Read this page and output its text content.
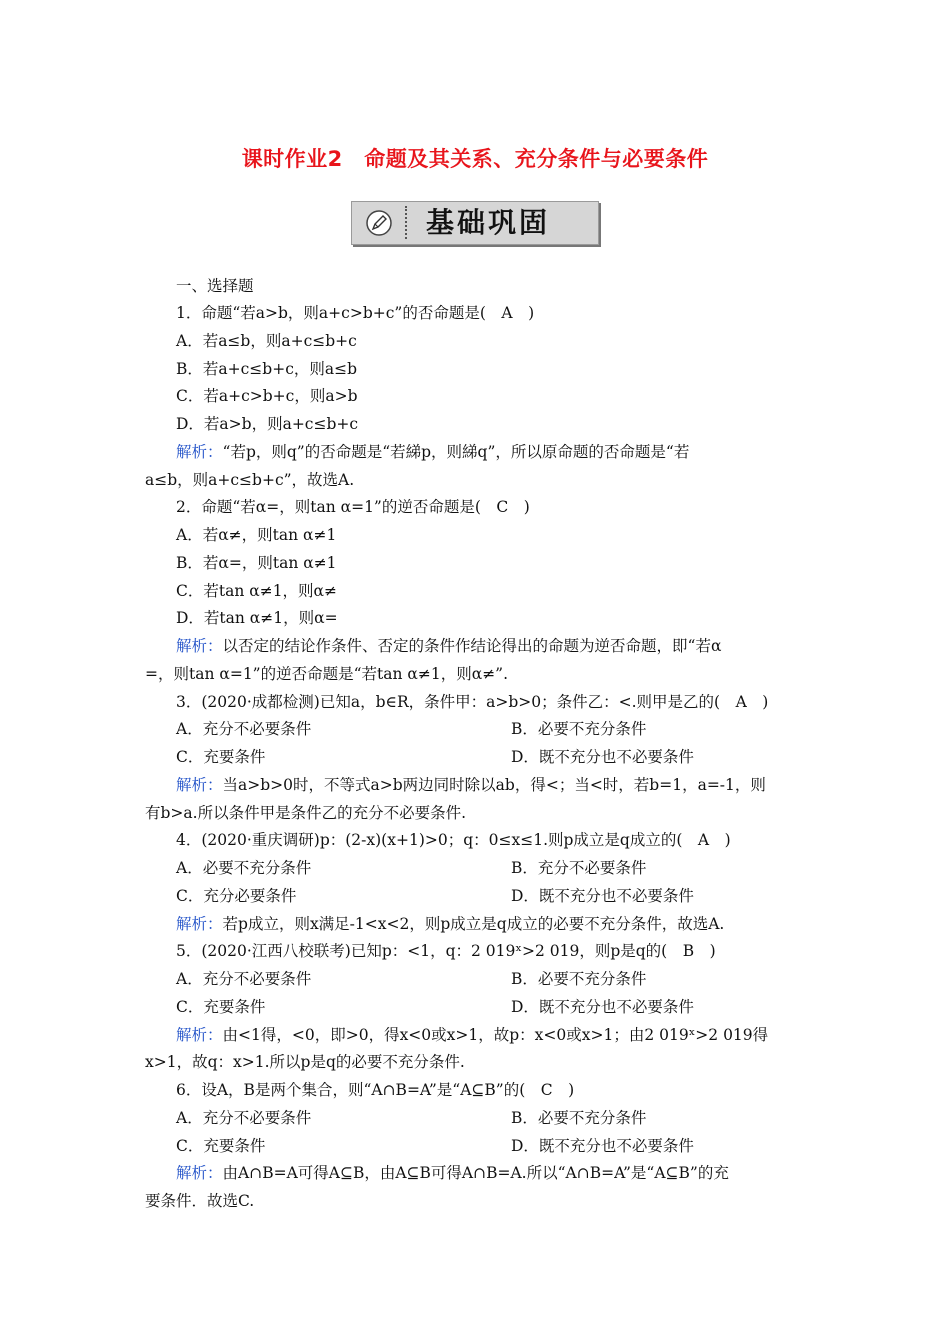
课时作业2　命题及其关系、充分条件与必要条件
基础巩固
一、选择题
1．命题“若a>b，则a+c>b+c”的否命题是(　A　)
A．若a≤b，则a+c≤b+c
B．若a+c≤b+c，则a≤b
C．若a+c>b+c，则a>b
D．若a>b，则a+c≤b+c
解析：“若p，则q”的否命题是“若綈p，则綈q”，所以原命题的否命题是“若
a≤b，则a+c≤b+c”，故选A.
2．命题“若α=，则tan α=1”的逆否命题是(　C　)
A．若α≠，则tan α≠1
B．若α=，则tan α≠1
C．若tan α≠1，则α≠
D．若tan α≠1，则α=
解析：以否定的结论作条件、否定的条件作结论得出的命题为逆否命题，即“若α
=，则tan α=1”的逆否命题是“若tan α≠1，则α≠”.
3．(2020·成都检测)已知a，b∈R，条件甲：a>b>0；条件乙：<.则甲是乙的(　A　)
A．充分不必要条件	B．必要不充分条件
C．充要条件	D．既不充分也不必要条件
解析：当a>b>0时，不等式a>b两边同时除以ab，得<；当<时，若b=1，a=-1，则
有b>a.所以条件甲是条件乙的充分不必要条件.
4．(2020·重庆调研)p：(2-x)(x+1)>0；q：0≤x≤1.则p成立是q成立的(　A　)
A．必要不充分条件	B．充分不必要条件
C．充分必要条件	D．既不充分也不必要条件
解析：若p成立，则x满足-1<x<2，则p成立是q成立的必要不充分条件，故选A.
5．(2020·江西八校联考)已知p：<1，q：2 019ˣ>2 019，则p是q的(　B　)
A．充分不必要条件	B．必要不充分条件
C．充要条件	D．既不充分也不必要条件
解析：由<1得，<0，即>0，得x<0或x>1，故p：x<0或x>1；由2 019ˣ>2 019得
x>1，故q：x>1.所以p是q的必要不充分条件.
6．设A，B是两个集合，则“A∩B=A”是“A⊆B”的(　C　)
A．充分不必要条件	B．必要不充分条件
C．充要条件	D．既不充分也不必要条件
解析：由A∩B=A可得A⊆B，由A⊆B可得A∩B=A.所以“A∩B=A”是“A⊆B”的充
要条件．故选C.
